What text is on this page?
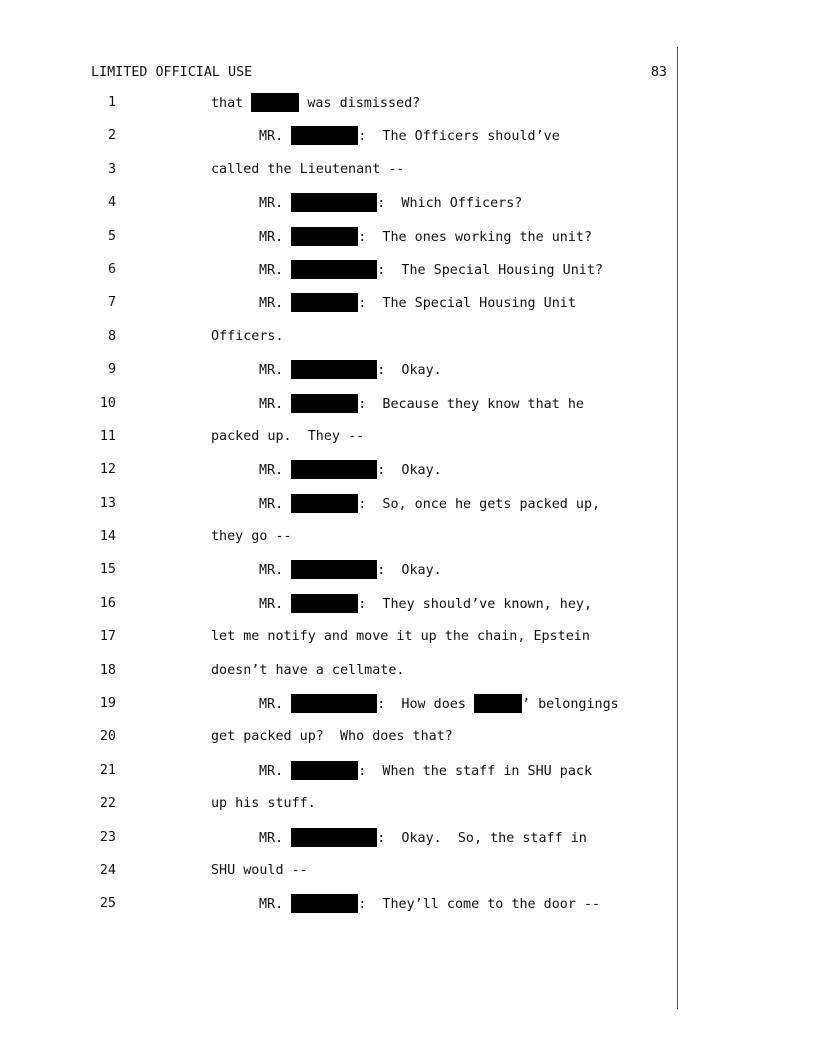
LIMITED OFFICIAL USE	83
1	that	was dismissed?
2	MR.	:  The Officers should’ve
3	called the Lieutenant --
4	MR.	:  Which Officers?
5	MR.	:  The ones working the unit?
6	MR.	:  The Special Housing Unit?
7	MR.	:  The Special Housing Unit
8	Officers.
9	MR.	:  Okay.
10	MR.	:  Because they know that he
11	packed up.  They --
12	MR.	:  Okay.
13	MR.	:  So, once he gets packed up,
14	they go --
15	MR.	:  Okay.
16	MR.	:  They should’ve known, hey,
17	let me notify and move it up the chain, Epstein
18	doesn’t have a cellmate.
19	MR.	:  How does	’ belongings
20	get packed up?  Who does that?
21	MR.	:  When the staff in SHU pack
22	up his stuff.
23	MR.	:  Okay.  So, the staff in
24	SHU would --
25	MR.	:  They’ll come to the door --
